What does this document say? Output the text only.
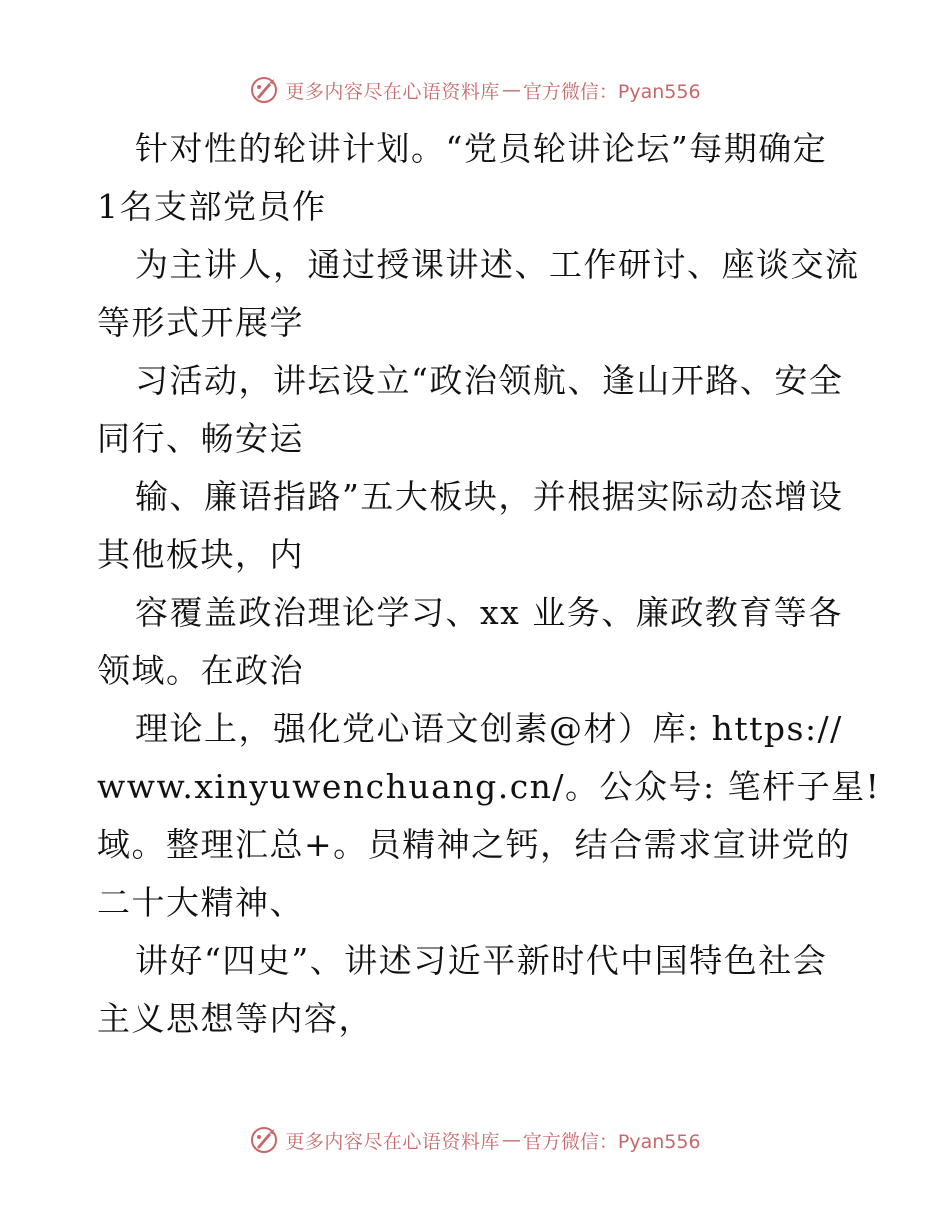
更多内容尽在心语资料库 — 官方微信：Pyan556
针对性的轮讲计划。“党员轮讲论坛”每期确定
1名支部党员作
为主讲人，通过授课讲述、工作研讨、座谈交流
等形式开展学
习活动，讲坛设立“政治领航、逢山开路、安全
同行、畅安运
输、廉语指路”五大板块，并根据实际动态增设
其他板块，内
容覆盖政治理论学习、xx 业务、廉政教育等各
领域。在政治
理论上，强化党心语文创素@材）库: https://
www.xinyuwenchuang.cn/。公众号: 笔杆子星!
域。整理汇总+。员精神之钙，结合需求宣讲党的
二十大精神、
讲好“四史”、讲述习近平新时代中国特色社会
主义思想等内容，
更多内容尽在心语资料库 — 官方微信：Pyan556
